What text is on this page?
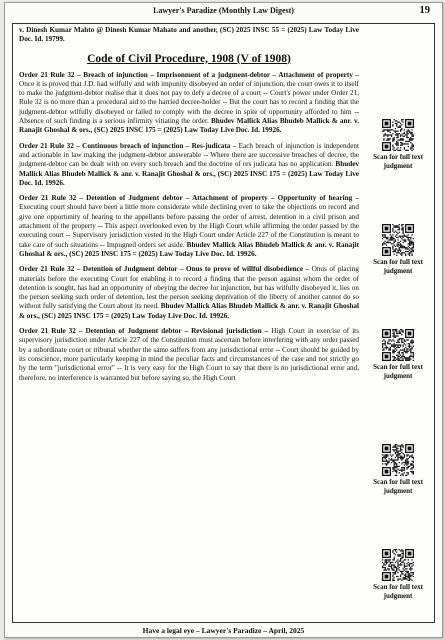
Lawyer's Paradize (Monthly Law Digest)	19

v. Dinesh Kumar Mahto @ Dinesh Kumar Mahato and another, (SC) 2025 INSC 55 = (2025) Law Today Live Doc. Id. 19799.

Code of Civil Procedure, 1908 (V of 1908)

Order 21 Rule 32 – Breach of injunction – Imprisonment of a judgment-debtor – Attachment of property – Once it is proved that J.D. had wilfully and with impunity disobeyed an order of injunction, the court owes it to itself to make the judgment-debtor realise that it does not pay to defy a decree of a court -- Court's power under Order 21, Rule 32 is no more than a procedural aid to the harried decree-holder -- But the court has to record a finding that the judgment-debtor wilfully disobeyed or failed to comply with the decree in spite of opportunity afforded to him -- Absence of such finding is a serious infirmity vitiating the order. Bhudev Mallick Alias Bhudeb Mallick & anr. v. Ranajit Ghoshal & ors., (SC) 2025 INSC 175 = (2025) Law Today Live Doc. Id. 19926.

Order 21 Rule 32 – Continuous breach of injunction – Res-judicata – Each breach of injunction is independent and actionable in law making the judgment-debtor answerable -- Where there are successive breaches of decree, the judgment-debtor can be dealt with on every such breach and the doctrine of res judicata has no application. Bhudev Mallick Alias Bhudeb Mallick & anr. v. Ranajit Ghoshal & ors., (SC) 2025 INSC 175 = (2025) Law Today Live Doc. Id. 19926.

Order 21 Rule 32 – Detention of Judgment debtor – Attachment of property – Opportunity of hearing – Executing court should have been a little more considerate while declining even to take the objections on record and give one opportunity of hearing to the appellants before passing the order of arrest, detention in a civil prison and attachment of the property -- This aspect overlooked even by the High Court while affirming the order passed by the executing court -- Supervisory jurisdiction vested in the High Court under Article 227 of the Constitution is meant to take care of such situations -- Impugned orders set aside. Bhudev Mallick Alias Bhudeb Mallick & anr. v. Ranajit Ghoshal & ors., (SC) 2025 INSC 175 = (2025) Law Today Live Doc. Id. 19926.

Order 21 Rule 32 – Detention of Judgment debtor – Onus to prove of willful disobedience – Onus of placing materials before the executing Court for enabling it to record a finding that the person against whom the order of detention is sought, has had an opportunity of obeying the decree for injunction, but has wilfully disobeyed it, lies on the person seeking such order of detention, lest the person seeking deprivation of the liberty of another cannot do so without fully satisfying the Court about its need. Bhudev Mallick Alias Bhudeb Mallick & anr. v. Ranajit Ghoshal & ors., (SC) 2025 INSC 175 = (2025) Law Today Live Doc. Id. 19926.

Order 21 Rule 32 – Detention of Judgment debtor – Revisional jurisdiction – High Court in exercise of its supervisory jurisdiction under Article 227 of the Constitution must ascertain before interfering with any order passed by a subordinate court or tribunal whether the same suffers from any jurisdictional error -- Court should be guided by its conscience, more particularly keeping in mind the peculiar facts and circumstances of the case and not strictly go by the term "jurisdictional error" -- It is very easy for the High Court to say that there is no jurisdictional error and, therefore, no interference is warranted but before saying so, the High Court

Scan for full text judgment
Scan for full text judgment
Scan for full text judgment
Scan for full text judgment
Scan for full text judgment
Have a legal eye – Lawyer's Paradize – April, 2025
